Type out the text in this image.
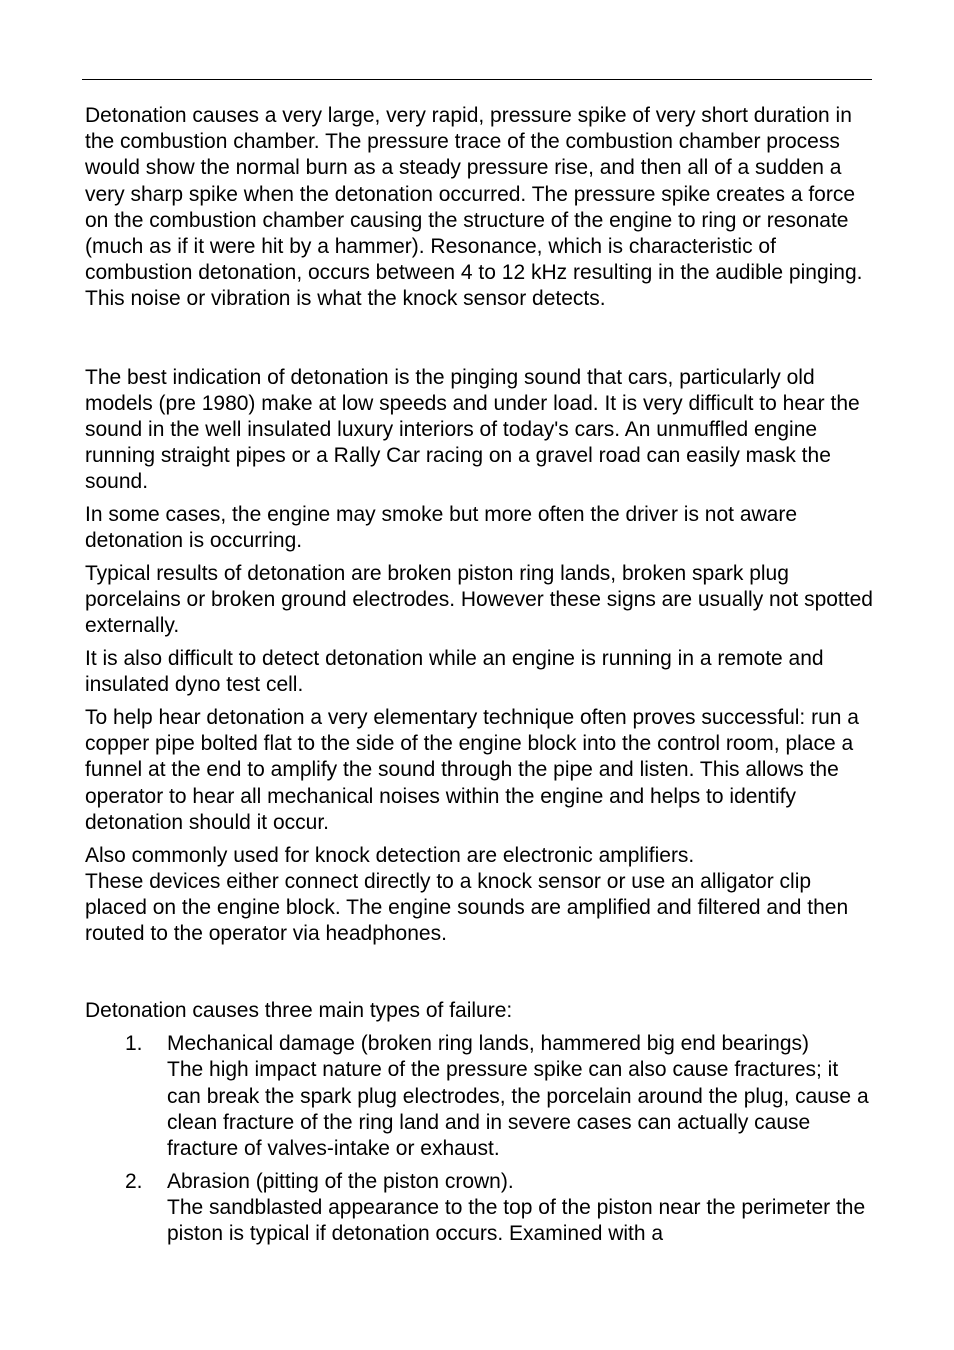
Detonation causes a very large, very rapid, pressure spike of very short duration in the combustion chamber. The pressure trace of the combustion chamber process would show the normal burn as a steady pressure rise, and then all of a sudden a very sharp spike when the detonation occurred. The pressure spike creates a force on the combustion chamber causing the structure of the engine to ring or resonate (much as if it were hit by a hammer). Resonance, which is characteristic of combustion detonation, occurs between 4 to 12 kHz resulting in the audible pinging. This noise or vibration is what the knock sensor detects.

The best indication of detonation is the pinging sound that cars, particularly old models (pre 1980) make at low speeds and under load. It is very difficult to hear the sound in the well insulated luxury interiors of today's cars. An unmuffled engine running straight pipes or a Rally Car racing on a gravel road can easily mask the sound.

In some cases, the engine may smoke but more often the driver is not aware detonation is occurring.

Typical results of detonation are broken piston ring lands, broken spark plug porcelains or broken ground electrodes. However these signs are usually not spotted externally.

It is also difficult to detect detonation while an engine is running in a remote and insulated dyno test cell.

To help hear detonation a very elementary technique often proves successful: run a copper pipe bolted flat to the side of the engine block into the control room, place a funnel at the end to amplify the sound through the pipe and listen. This allows the operator to hear all mechanical noises within the engine and helps to identify detonation should it occur.

Also commonly used for knock detection are electronic amplifiers.

These devices either connect directly to a knock sensor or use an alligator clip placed on the engine block. The engine sounds are amplified and filtered and then routed to the operator via headphones.

Detonation causes three main types of failure:

1. Mechanical damage (broken ring lands, hammered big end bearings)
The high impact nature of the pressure spike can also cause fractures; it can break the spark plug electrodes, the porcelain around the plug, cause a clean fracture of the ring land and in severe cases can actually cause fracture of valves-intake or exhaust.
2. Abrasion (pitting of the piston crown).
The sandblasted appearance to the top of the piston near the perimeter the piston is typical if detonation occurs. Examined with a
